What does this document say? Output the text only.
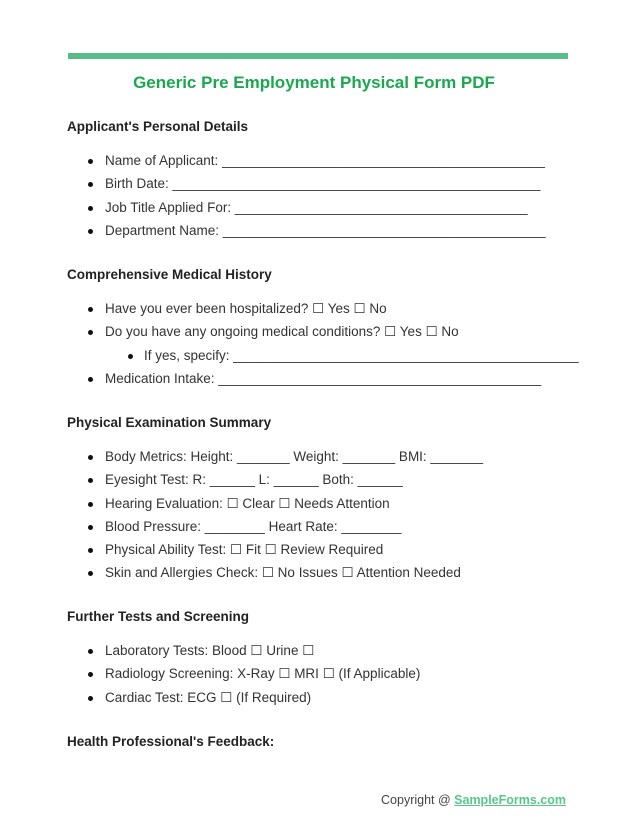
Generic Pre Employment Physical Form PDF
Applicant's Personal Details
Name of Applicant: ___________________________________________
Birth Date: _________________________________________________
Job Title Applied For: _______________________________________
Department Name: ___________________________________________
Comprehensive Medical History
Have you ever been hospitalized? ☐ Yes ☐ No
Do you have any ongoing medical conditions? ☐ Yes ☐ No
If yes, specify: ______________________________________________
Medication Intake: ___________________________________________
Physical Examination Summary
Body Metrics: Height: _______ Weight: _______ BMI: _______
Eyesight Test: R: ______ L: ______ Both: ______
Hearing Evaluation: ☐ Clear ☐ Needs Attention
Blood Pressure: ________ Heart Rate: ________
Physical Ability Test: ☐ Fit ☐ Review Required
Skin and Allergies Check: ☐ No Issues ☐ Attention Needed
Further Tests and Screening
Laboratory Tests: Blood ☐ Urine ☐
Radiology Screening: X-Ray ☐ MRI ☐ (If Applicable)
Cardiac Test: ECG ☐ (If Required)
Health Professional's Feedback:
Copyright @ SampleForms.com
